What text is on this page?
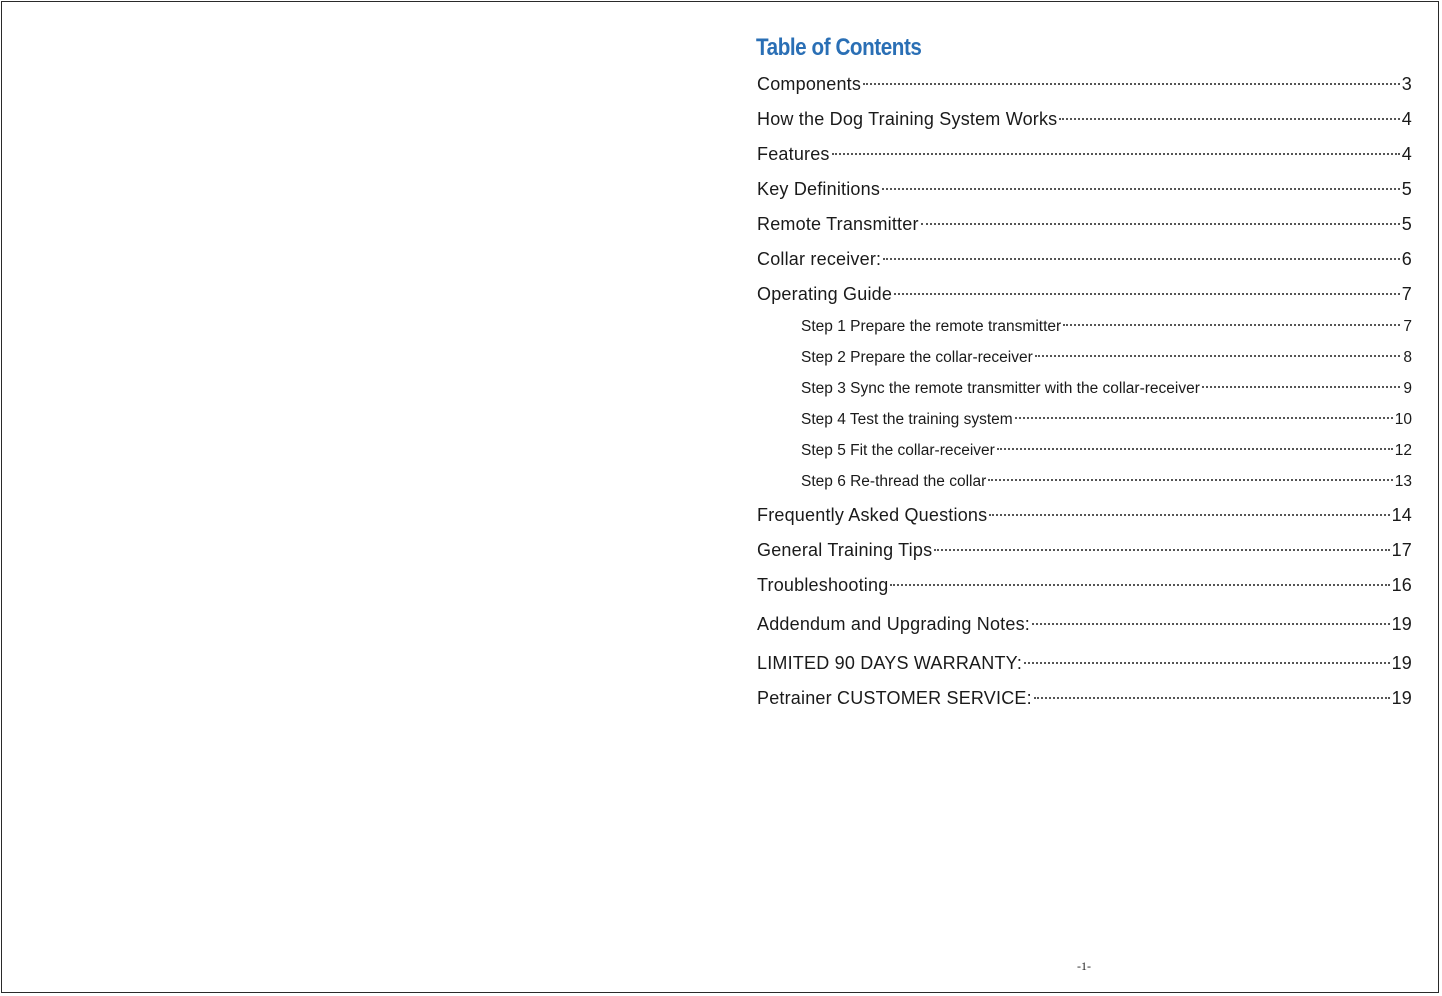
Table of Contents
Components	3
How the Dog Training System Works	4
Features	4
Key Definitions	5
Remote Transmitter	5
Collar receiver:	6
Operating Guide	7
Step 1 Prepare the remote transmitter	7
Step 2 Prepare the collar-receiver	8
Step 3 Sync the remote transmitter with the collar-receiver	9
Step 4 Test the training system	10
Step 5 Fit the collar-receiver	12
Step 6 Re-thread the collar	13
Frequently Asked Questions	14
General Training Tips	17
Troubleshooting	16
Addendum and Upgrading Notes:	19
LIMITED 90 DAYS WARRANTY:	19
Petrainer CUSTOMER SERVICE:	19
-1-
